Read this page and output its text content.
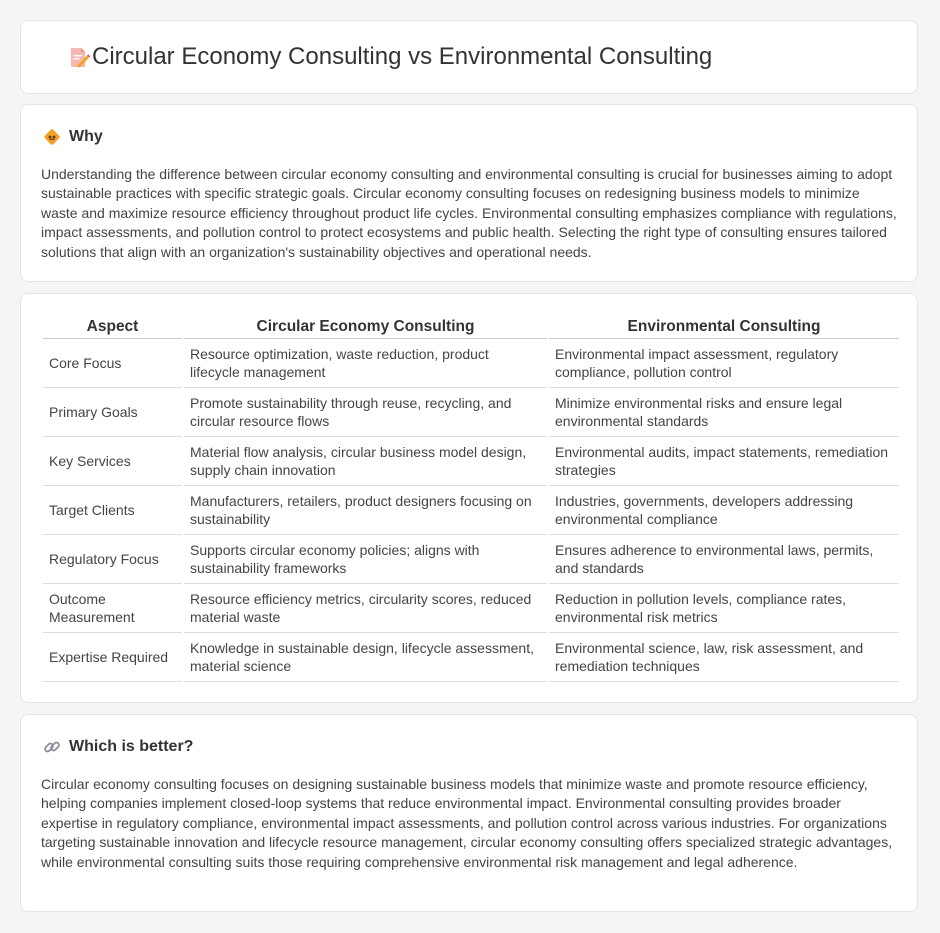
Circular Economy Consulting vs Environmental Consulting
Why

Understanding the difference between circular economy consulting and environmental consulting is crucial for businesses aiming to adopt sustainable practices with specific strategic goals. Circular economy consulting focuses on redesigning business models to minimize waste and maximize resource efficiency throughout product life cycles. Environmental consulting emphasizes compliance with regulations, impact assessments, and pollution control to protect ecosystems and public health. Selecting the right type of consulting ensures tailored solutions that align with an organization's sustainability objectives and operational needs.

Aspect	Circular Economy Consulting	Environmental Consulting
Core Focus	Resource optimization, waste reduction, product lifecycle management	Environmental impact assessment, regulatory compliance, pollution control
Primary Goals	Promote sustainability through reuse, recycling, and circular resource flows	Minimize environmental risks and ensure legal environmental standards
Key Services	Material flow analysis, circular business model design, supply chain innovation	Environmental audits, impact statements, remediation strategies
Target Clients	Manufacturers, retailers, product designers focusing on sustainability	Industries, governments, developers addressing environmental compliance
Regulatory Focus	Supports circular economy policies; aligns with sustainability frameworks	Ensures adherence to environmental laws, permits, and standards
Outcome Measurement	Resource efficiency metrics, circularity scores, reduced material waste	Reduction in pollution levels, compliance rates, environmental risk metrics
Expertise Required	Knowledge in sustainable design, lifecycle assessment, material science	Environmental science, law, risk assessment, and remediation techniques
Which is better?

Circular economy consulting focuses on designing sustainable business models that minimize waste and promote resource efficiency, helping companies implement closed-loop systems that reduce environmental impact. Environmental consulting provides broader expertise in regulatory compliance, environmental impact assessments, and pollution control across various industries. For organizations targeting sustainable innovation and lifecycle resource management, circular economy consulting offers specialized strategic advantages, while environmental consulting suits those requiring comprehensive environmental risk management and legal adherence.
